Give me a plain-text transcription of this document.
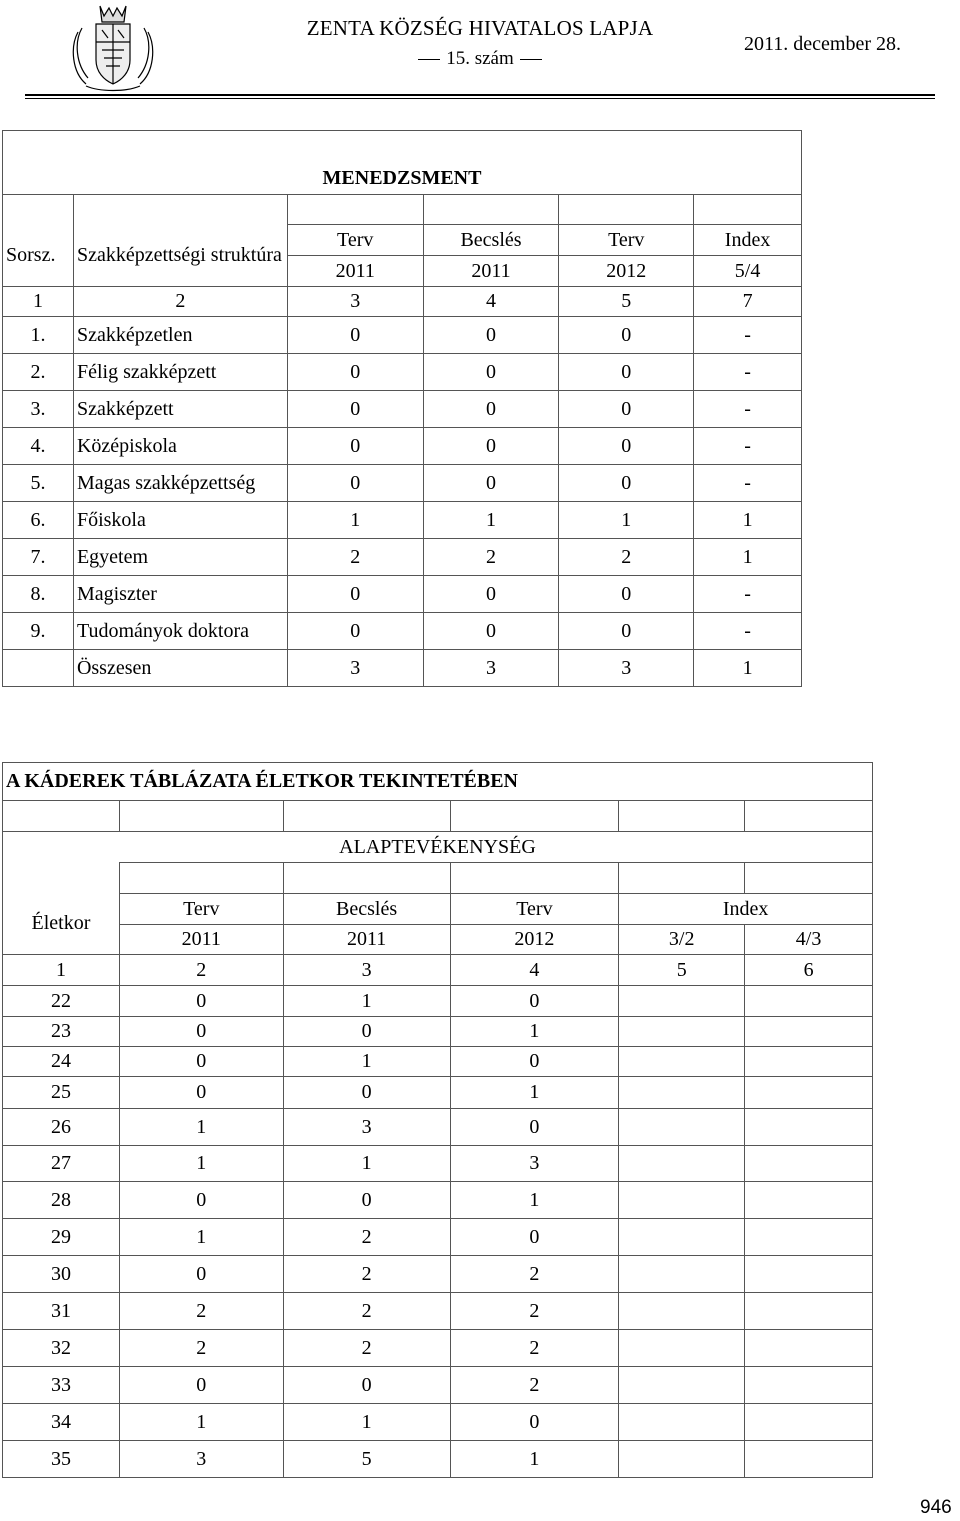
ZENTA KÖZSÉG HIVATALOS LAPJA
15. szám
2011. december 28.

MENEDZSMENT					

Sorsz.	Szakképzettségi struktúra	Terv	Becslés	Terv	Index
		2011	2011	2012	5/4
1	2	3	4	5	7
1.	Szakképzetlen	0	0	0	-
2.	Félig szakképzett	0	0	0	-
3.	Szakképzett	0	0	0	-
4.	Középiskola	0	0	0	-
5.	Magas szakképzettség	0	0	0	-
6.	Főiskola	1	1	1	1
7.	Egyetem	2	2	2	1
8.	Magiszter	0	0	0	-
9.	Tudományok doktora	0	0	0	-
	Összesen	3	3	3	1
A KÁDEREK TÁBLÁZATA ÉLETKOR TEKINTETÉBEN					

ALAPTEVÉKENYSÉG					

Életkor	Terv	Becslés	Terv	Index	
	2011	2011	2012	3/2	4/3
1	2	3	4	5	6
22	0	1	0		
23	0	0	1		
24	0	1	0		
25	0	0	1		
26	1	3	0		
27	1	1	3		
28	0	0	1		
29	1	2	0		
30	0	2	2		
31	2	2	2		
32	2	2	2		
33	0	0	2		
34	1	1	0		
35	3	5	1		
946
